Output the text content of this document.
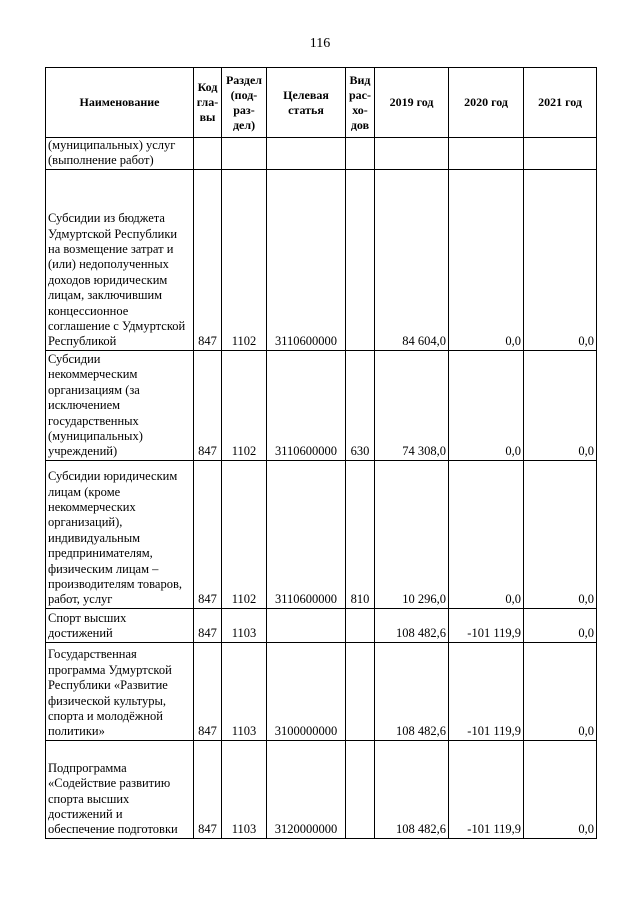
116
Наименование	Код гла- вы	Раздел (под- раз- дел)	Целевая статья	Вид рас- хо- дов	2019 год	2020 год	2021 год
(муниципальных) услуг (выполнение работ)							
Субсидии из бюджета Удмуртской Республики на возмещение затрат и (или) недополученных доходов юридическим лицам, заключившим концессионное соглашение с Удмуртской Республикой	847	1102	3110600000		84 604,0	0,0	0,0
Субсидии некоммерческим организациям (за исключением государственных (муниципальных) учреждений)	847	1102	3110600000	630	74 308,0	0,0	0,0
Субсидии юридическим лицам (кроме некоммерческих организаций), индивидуальным предпринимателям, физическим лицам – производителям товаров, работ, услуг	847	1102	3110600000	810	10 296,0	0,0	0,0
Спорт высших достижений	847	1103			108 482,6	-101 119,9	0,0
Государственная программа Удмуртской Республики «Развитие физической культуры, спорта и молодёжной политики»	847	1103	3100000000		108 482,6	-101 119,9	0,0
Подпрограмма «Содействие развитию спорта высших достижений и обеспечение подготовки	847	1103	3120000000		108 482,6	-101 119,9	0,0
